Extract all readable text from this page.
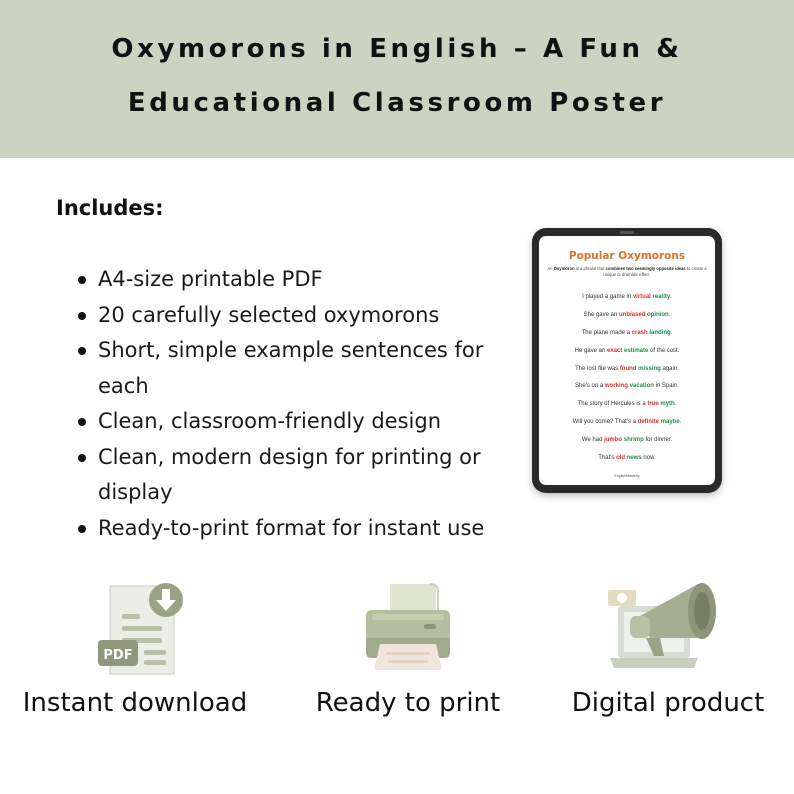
Oxymorons in English – A Fun &
Educational Classroom Poster
Includes:
A4-size printable PDF
20 carefully selected oxymorons
Short, simple example sentences for each
Clean, classroom-friendly design
Clean, modern design for printing or display
Ready-to-print format for instant use
Popular Oxymorons
An Oxymoron is a phrase that combines two seemingly opposite ideas to create a unique or dramatic effect.
I played a game in virtual reality.
She gave an unbiased opinion.
The plane made a crash landing.
He gave an exact estimate of the cost.
The lost file was found missing again.
She's on a working vacation in Spain.
The story of Hercules is a true myth.
Will you come? That's a definite maybe.
We had jumbo shrimp for dinner.
That's old news now.
EnglishMasterly
PDF
Instant download	Ready to print	Digital product
